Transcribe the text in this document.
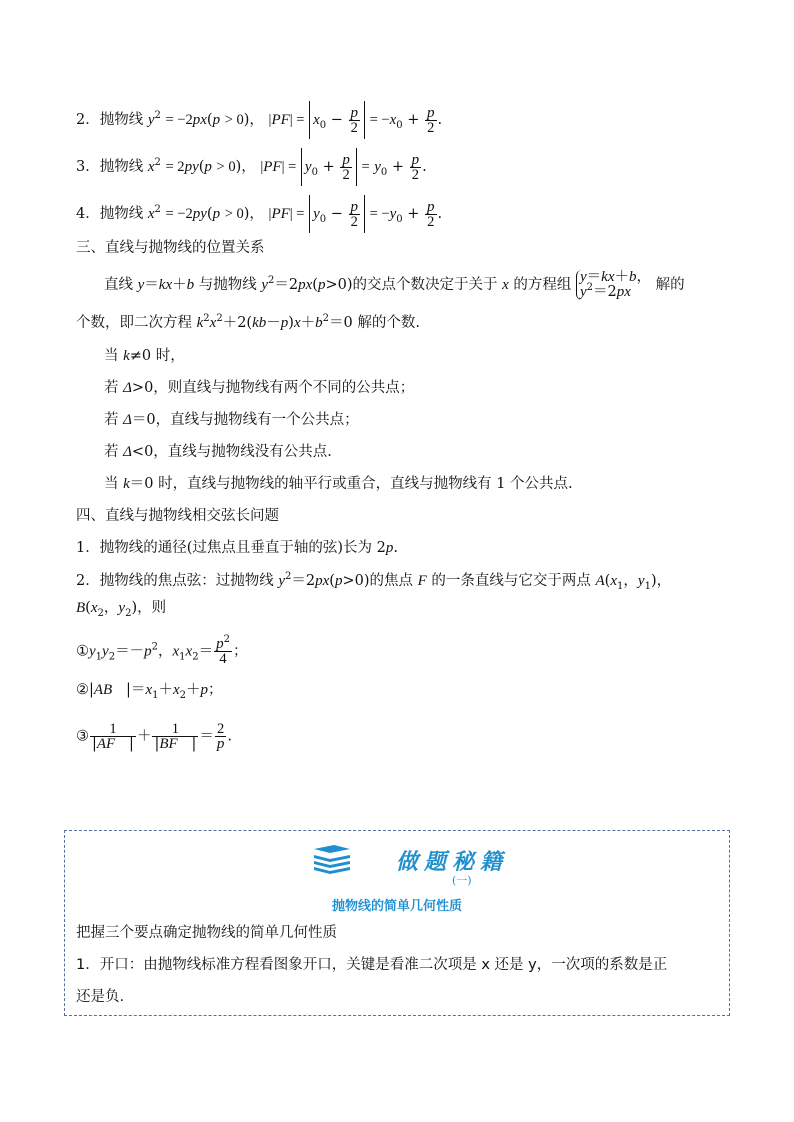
2．抛物线 $y^2 = -2px(p > 0)$， $|PF| = x_0 - \frac{p}{2} = -x_0 + \frac{p}{2}$ .
3．抛物线 $x^2 = 2py(p > 0)$， $|PF| = y_0 + \frac{p}{2} = y_0 + \frac{p}{2}$ .
4．抛物线 $x^2 = -2py(p > 0)$， $|PF| = y_0 - \frac{p}{2} = -y_0 + \frac{p}{2}$ .
三、直线与抛物线的位置关系
直线 y＝kx＋b 与抛物线 $y^2=2px(p>0)$的交点个数决定于关于 x 的方程组 y＝kx＋b，
$y^2=2px$ 解的
个数，即二次方程 $k^2x^2+2(kb-p)x+b^2=0$ 解的个数.
当 k≠0 时，
若 Δ>0，则直线与抛物线有两个不同的公共点；
若 Δ＝0，直线与抛物线有一个公共点；
若 Δ<0，直线与抛物线没有公共点.
当 k＝0 时，直线与抛物线的轴平行或重合，直线与抛物线有 1 个公共点.
四、直线与抛物线相交弦长问题
1．抛物线的通径(过焦点且垂直于轴的弦)长为 2p.
2．抛物线的焦点弦：过抛物线 $y^2=2px(p>0)$的焦点 F 的一条直线与它交于两点 $A(x_1$，$y_1$)，
$B(x_2$，$y_2$)，则
$①y_1y_2=-p^2$，$x_1x_2= \frac{p^2}{4}$ ；
②|AB   $|=x_1+x_2+p$；
③ $\frac{1}{|AF |} + \frac{1}{|BF |} = \frac{2}{p}$ .
做题秘籍
(一)
抛物线的简单几何性质
把握三个要点确定抛物线的简单几何性质
1．开口：由抛物线标准方程看图象开口，关键是看准二次项是 x 还是 y，一次项的系数是正
还是负.
